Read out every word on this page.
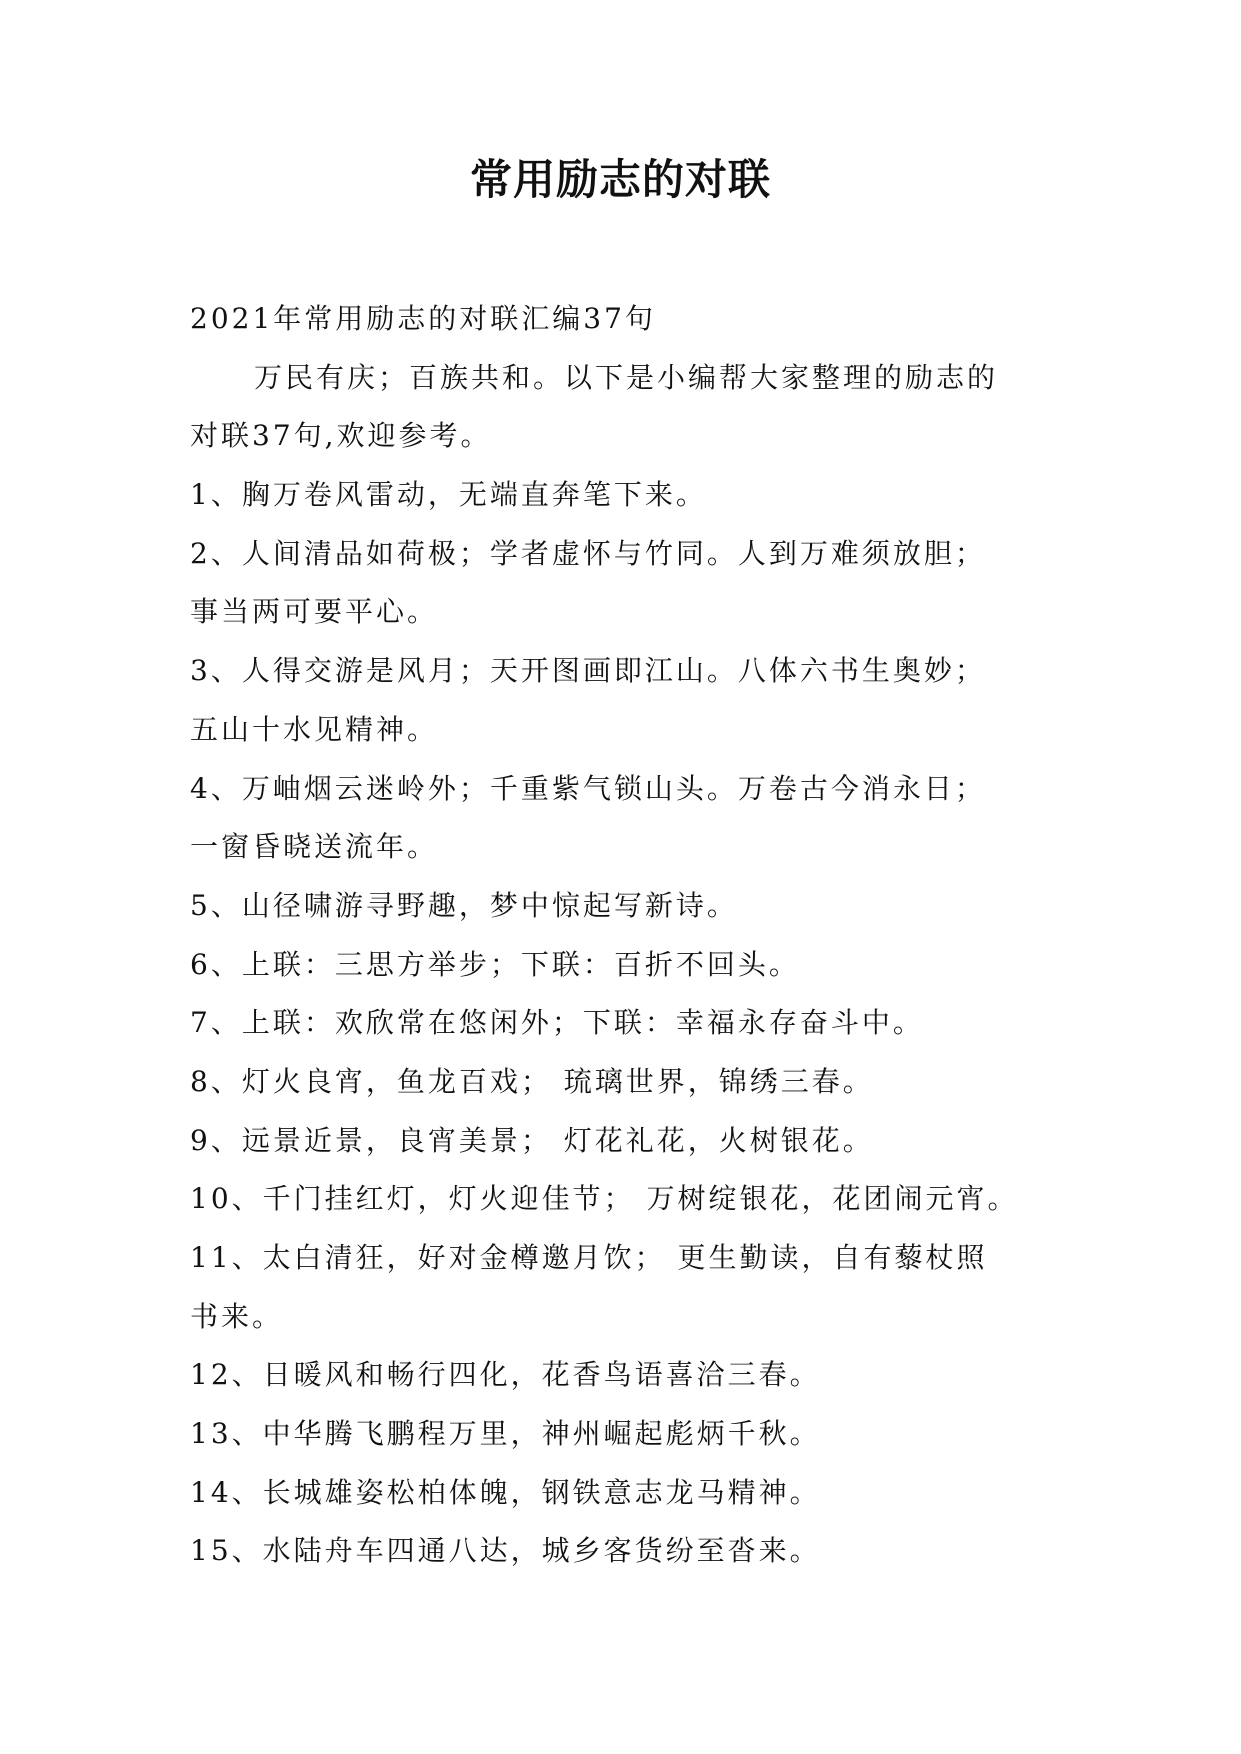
常用励志的对联
2021年常用励志的对联汇编37句
万民有庆；百族共和。以下是小编帮大家整理的励志的
对联37句,欢迎参考。
1、胸万卷风雷动，无端直奔笔下来。
2、人间清品如荷极；学者虚怀与竹同。人到万难须放胆；
事当两可要平心。
3、人得交游是风月；天开图画即江山。八体六书生奥妙；
五山十水见精神。
4、万岫烟云迷岭外；千重紫气锁山头。万卷古今消永日；
一窗昏晓送流年。
5、山径啸游寻野趣，梦中惊起写新诗。
6、上联：三思方举步；下联：百折不回头。
7、上联：欢欣常在悠闲外；下联：幸福永存奋斗中。
8、灯火良宵，鱼龙百戏； 琉璃世界，锦绣三春。
9、远景近景，良宵美景； 灯花礼花，火树银花。
10、千门挂红灯，灯火迎佳节； 万树绽银花，花团闹元宵。
11、太白清狂，好对金樽邀月饮； 更生勤读，自有藜杖照
书来。
12、日暖风和畅行四化，花香鸟语喜洽三春。
13、中华腾飞鹏程万里，神州崛起彪炳千秋。
14、长城雄姿松柏体魄，钢铁意志龙马精神。
15、水陆舟车四通八达，城乡客货纷至沓来。
